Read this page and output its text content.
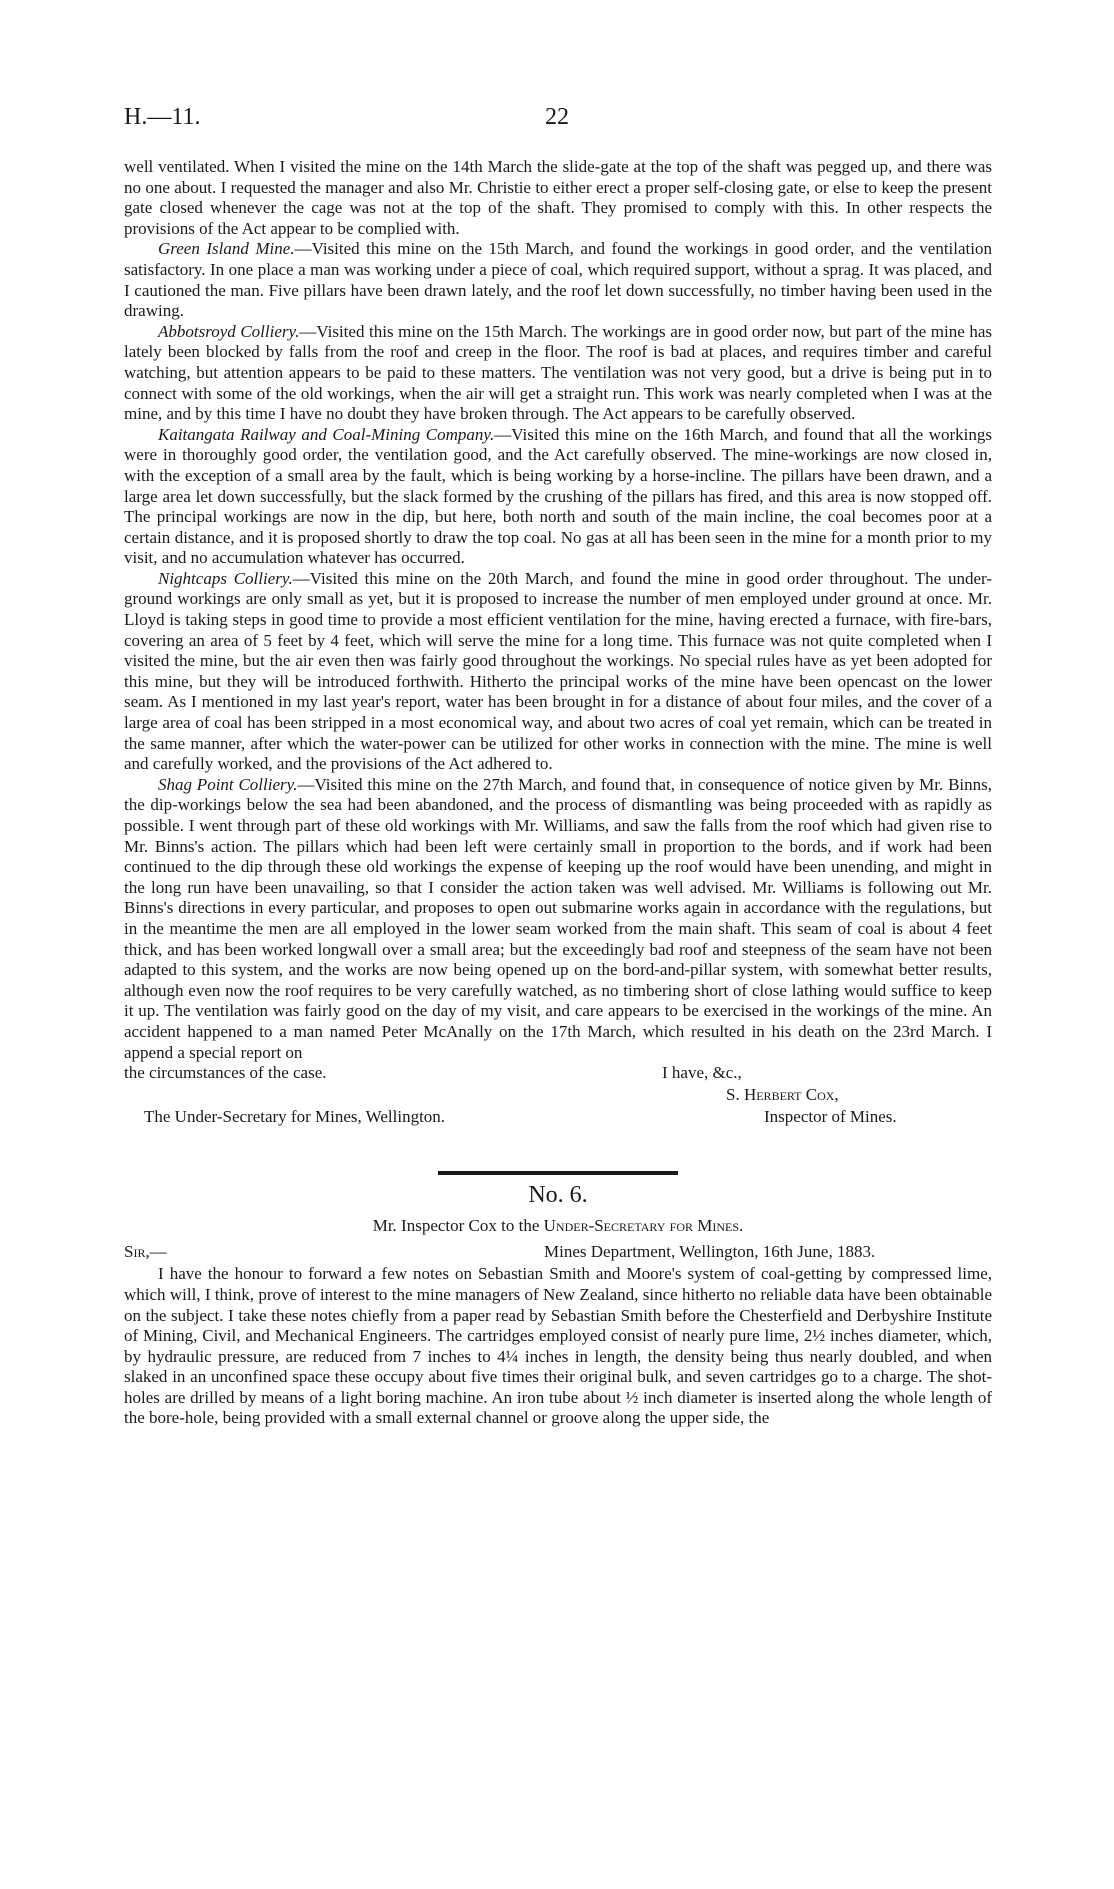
H.—11.	22

well ventilated. When I visited the mine on the 14th March the slide-gate at the top of the shaft was pegged up, and there was no one about. I requested the manager and also Mr. Christie to either erect a proper self-closing gate, or else to keep the present gate closed whenever the cage was not at the top of the shaft. They promised to comply with this. In other respects the provisions of the Act appear to be complied with.

Green Island Mine.—Visited this mine on the 15th March, and found the workings in good order, and the ventilation satisfactory. In one place a man was working under a piece of coal, which required support, without a sprag. It was placed, and I cautioned the man. Five pillars have been drawn lately, and the roof let down successfully, no timber having been used in the drawing.

Abbotsroyd Colliery.—Visited this mine on the 15th March. The workings are in good order now, but part of the mine has lately been blocked by falls from the roof and creep in the floor. The roof is bad at places, and requires timber and careful watching, but attention appears to be paid to these matters. The ventilation was not very good, but a drive is being put in to connect with some of the old workings, when the air will get a straight run. This work was nearly completed when I was at the mine, and by this time I have no doubt they have broken through. The Act appears to be carefully observed.

Kaitangata Railway and Coal-Mining Company.—Visited this mine on the 16th March, and found that all the workings were in thoroughly good order, the ventilation good, and the Act carefully observed. The mine-workings are now closed in, with the exception of a small area by the fault, which is being working by a horse-incline. The pillars have been drawn, and a large area let down successfully, but the slack formed by the crushing of the pillars has fired, and this area is now stopped off. The principal workings are now in the dip, but here, both north and south of the main incline, the coal becomes poor at a certain distance, and it is proposed shortly to draw the top coal. No gas at all has been seen in the mine for a month prior to my visit, and no accumulation whatever has occurred.

Nightcaps Colliery.—Visited this mine on the 20th March, and found the mine in good order throughout. The under-ground workings are only small as yet, but it is proposed to increase the number of men employed under ground at once. Mr. Lloyd is taking steps in good time to provide a most efficient ventilation for the mine, having erected a furnace, with fire-bars, covering an area of 5 feet by 4 feet, which will serve the mine for a long time. This furnace was not quite completed when I visited the mine, but the air even then was fairly good throughout the workings. No special rules have as yet been adopted for this mine, but they will be introduced forthwith. Hitherto the principal works of the mine have been opencast on the lower seam. As I mentioned in my last year's report, water has been brought in for a distance of about four miles, and the cover of a large area of coal has been stripped in a most economical way, and about two acres of coal yet remain, which can be treated in the same manner, after which the water-power can be utilized for other works in connection with the mine. The mine is well and carefully worked, and the provisions of the Act adhered to.

Shag Point Colliery.—Visited this mine on the 27th March, and found that, in consequence of notice given by Mr. Binns, the dip-workings below the sea had been abandoned, and the process of dismantling was being proceeded with as rapidly as possible. I went through part of these old workings with Mr. Williams, and saw the falls from the roof which had given rise to Mr. Binns's action. The pillars which had been left were certainly small in proportion to the bords, and if work had been continued to the dip through these old workings the expense of keeping up the roof would have been unending, and might in the long run have been unavailing, so that I consider the action taken was well advised. Mr. Williams is following out Mr. Binns's directions in every particular, and proposes to open out submarine works again in accordance with the regulations, but in the meantime the men are all employed in the lower seam worked from the main shaft. This seam of coal is about 4 feet thick, and has been worked longwall over a small area; but the exceedingly bad roof and steepness of the seam have not been adapted to this system, and the works are now being opened up on the bord-and-pillar system, with somewhat better results, although even now the roof requires to be very carefully watched, as no timbering short of close lathing would suffice to keep it up. The ventilation was fairly good on the day of my visit, and care appears to be exercised in the workings of the mine. An accident happened to a man named Peter McAnally on the 17th March, which resulted in his death on the 23rd March. I append a special report on

the circumstances of the case.	I have, &c.,
S. Herbert Cox,
The Under-Secretary for Mines, Wellington.	Inspector of Mines.
No. 6.
Mr. Inspector Cox to the Under-Secretary for Mines.
Sir,—	Mines Department, Wellington, 16th June, 1883.

I have the honour to forward a few notes on Sebastian Smith and Moore's system of coal-getting by compressed lime, which will, I think, prove of interest to the mine managers of New Zealand, since hitherto no reliable data have been obtainable on the subject. I take these notes chiefly from a paper read by Sebastian Smith before the Chesterfield and Derbyshire Institute of Mining, Civil, and Mechanical Engineers. The cartridges employed consist of nearly pure lime, 2½ inches diameter, which, by hydraulic pressure, are reduced from 7 inches to 4¼ inches in length, the density being thus nearly doubled, and when slaked in an unconfined space these occupy about five times their original bulk, and seven cartridges go to a charge. The shot-holes are drilled by means of a light boring machine. An iron tube about ½ inch diameter is inserted along the whole length of the bore-hole, being provided with a small external channel or groove along the upper side, the
